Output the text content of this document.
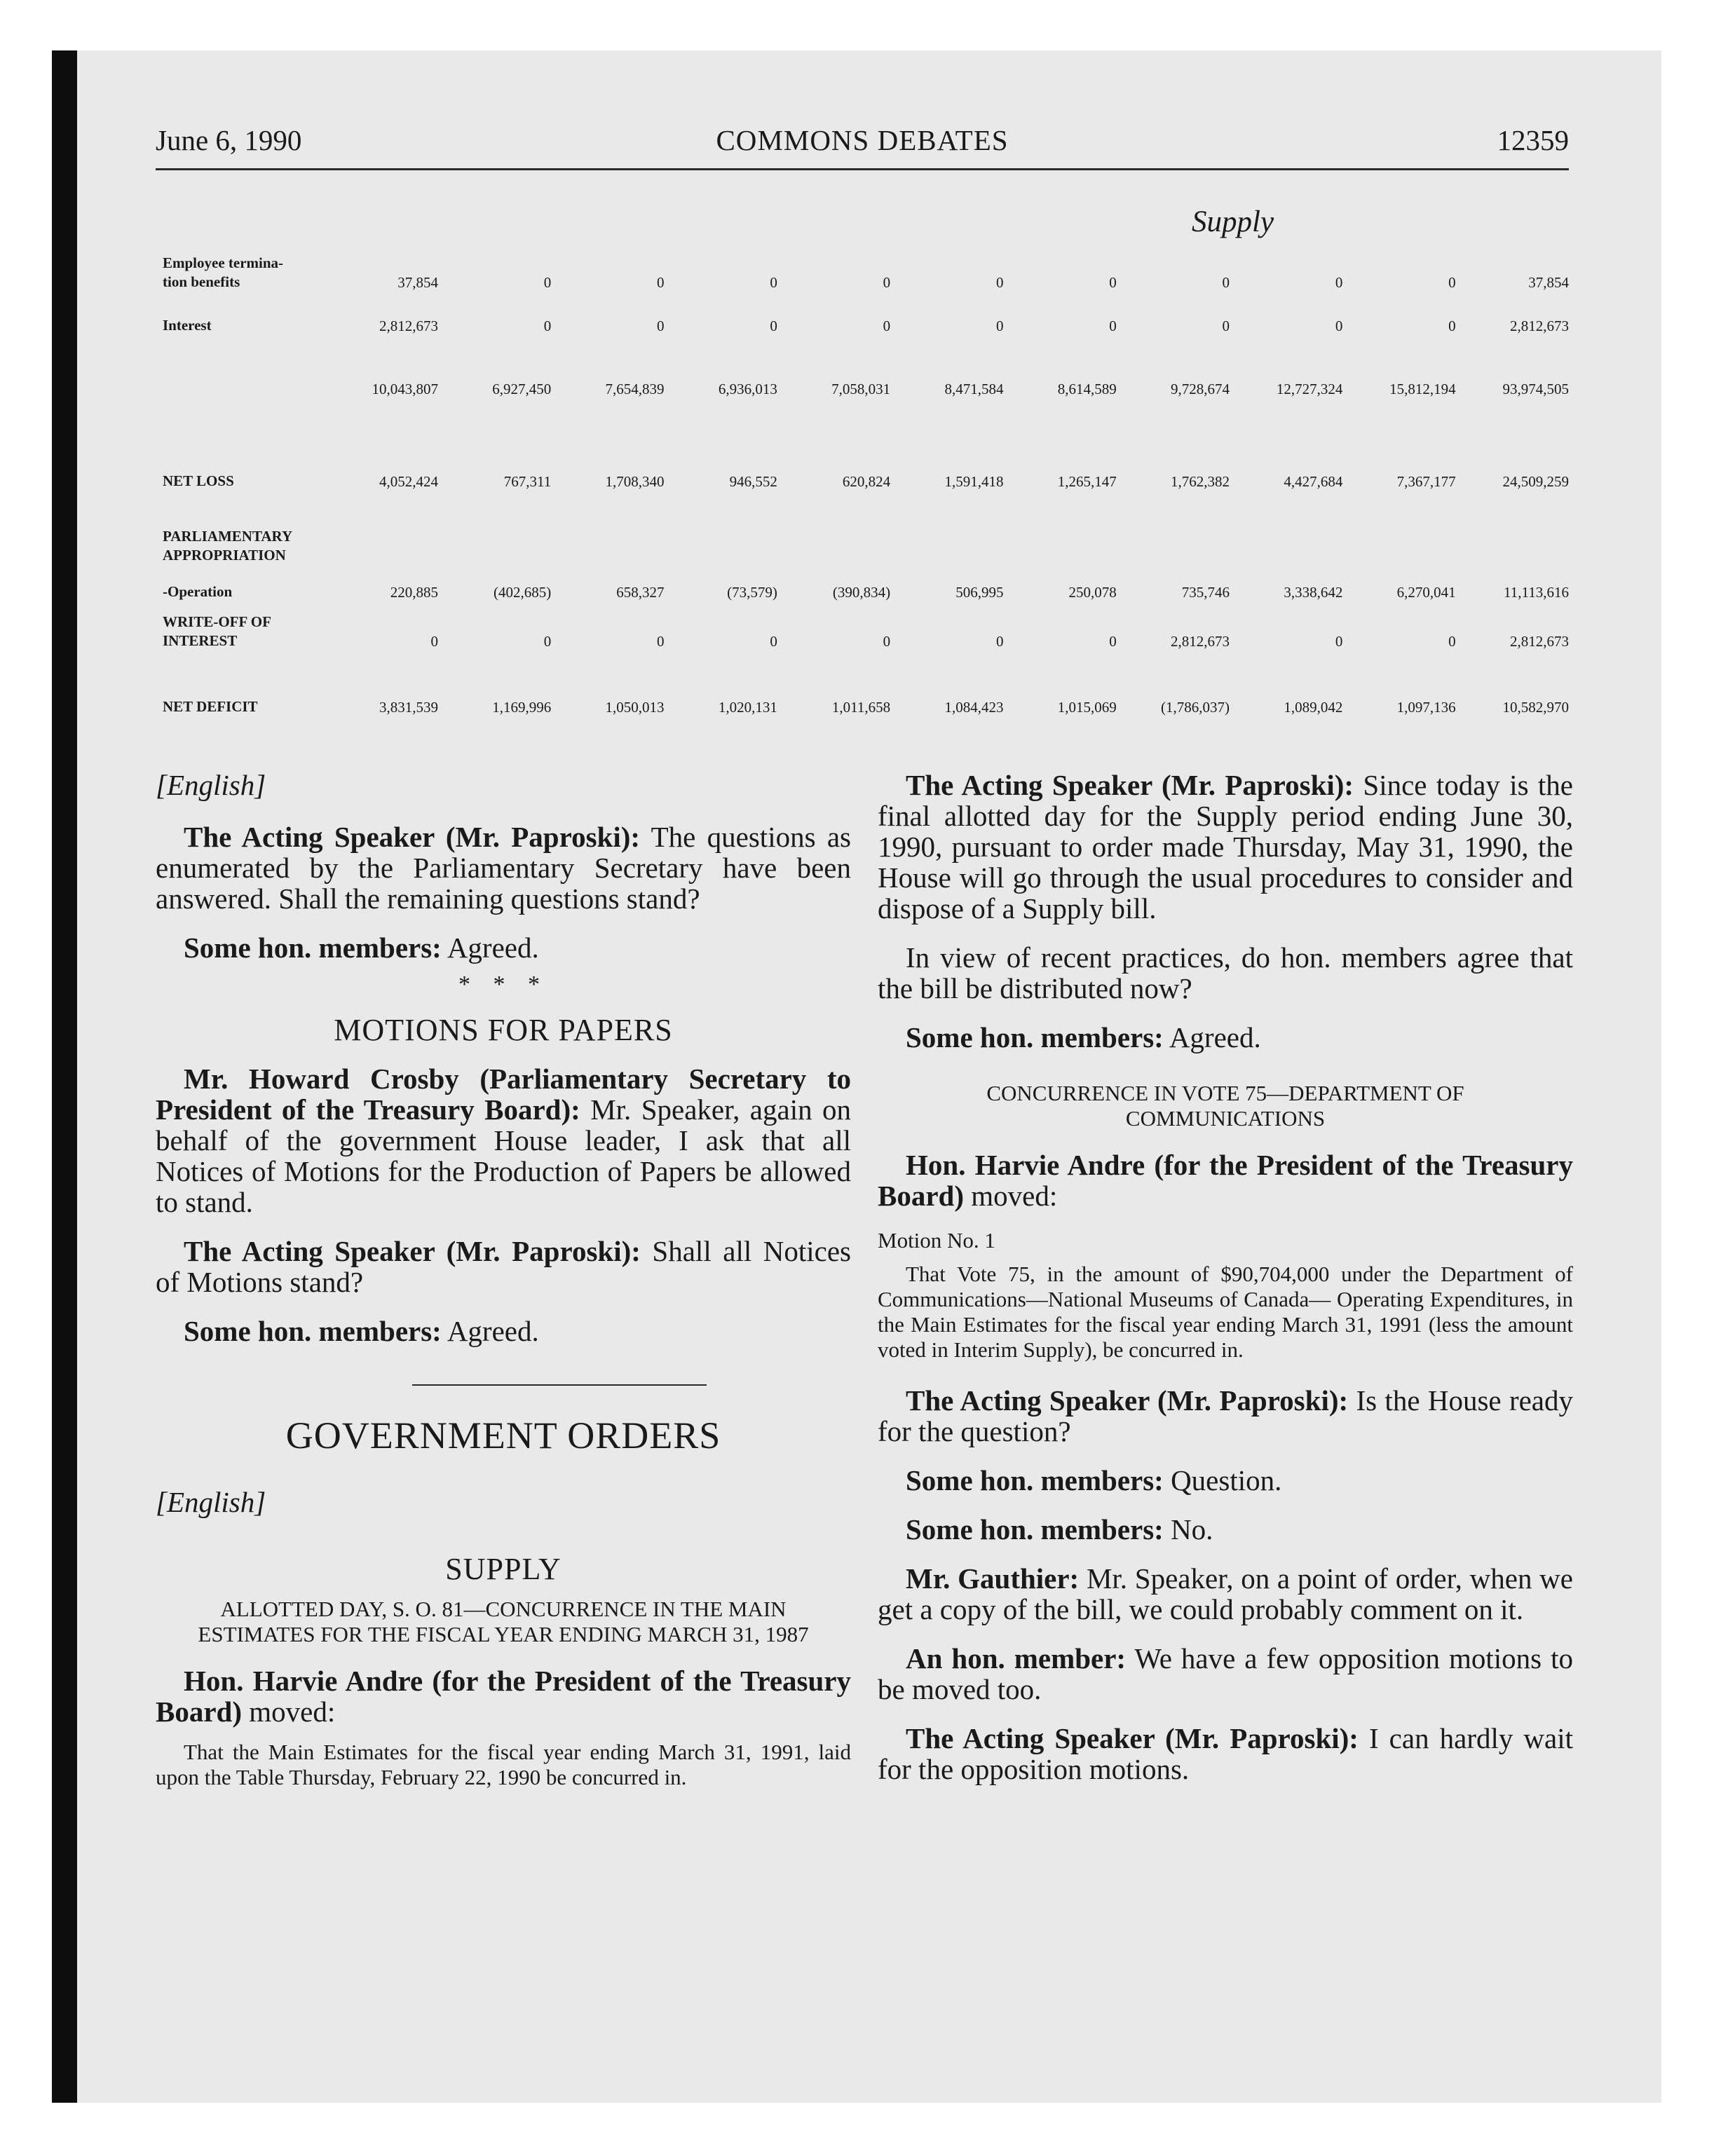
June 6, 1990	COMMONS DEBATES	12359
Supply
Employee termina-
tion benefits	37,854	0	0	0	0	0	0	0	0	0	37,854
Interest	2,812,673	0	0	0	0	0	0	0	0	0	2,812,673
	10,043,807	6,927,450	7,654,839	6,936,013	7,058,031	8,471,584	8,614,589	9,728,674	12,727,324	15,812,194	93,974,505
NET LOSS	4,052,424	767,311	1,708,340	946,552	620,824	1,591,418	1,265,147	1,762,382	4,427,684	7,367,177	24,509,259
PARLIAMENTARY
APPROPRIATION											
-Operation	220,885	(402,685)	658,327	(73,579)	(390,834)	506,995	250,078	735,746	3,338,642	6,270,041	11,113,616
WRITE-OFF OF
INTEREST	0	0	0	0	0	0	0	2,812,673	0	0	2,812,673
NET DEFICIT	3,831,539	1,169,996	1,050,013	1,020,131	1,011,658	1,084,423	1,015,069	(1,786,037)	1,089,042	1,097,136	10,582,970

[English]

The Acting Speaker (Mr. Paproski): The questions as enumerated by the Parliamentary Secretary have been answered. Shall the remaining questions stand?

Some hon. members: Agreed.

* * *

MOTIONS FOR PAPERS

Mr. Howard Crosby (Parliamentary Secretary to President of the Treasury Board): Mr. Speaker, again on behalf of the government House leader, I ask that all Notices of Motions for the Production of Papers be allowed to stand.

The Acting Speaker (Mr. Paproski): Shall all Notices of Motions stand?

Some hon. members: Agreed.

GOVERNMENT ORDERS

[English]

SUPPLY

ALLOTTED DAY, S. O. 81—CONCURRENCE IN THE MAIN ESTIMATES FOR THE FISCAL YEAR ENDING MARCH 31, 1987

Hon. Harvie Andre (for the President of the Treasury Board) moved:

That the Main Estimates for the fiscal year ending March 31, 1991, laid upon the Table Thursday, February 22, 1990 be concurred in.

The Acting Speaker (Mr. Paproski): Since today is the final allotted day for the Supply period ending June 30, 1990, pursuant to order made Thursday, May 31, 1990, the House will go through the usual procedures to consider and dispose of a Supply bill.

In view of recent practices, do hon. members agree that the bill be distributed now?

Some hon. members: Agreed.

CONCURRENCE IN VOTE 75—DEPARTMENT OF COMMUNICATIONS

Hon. Harvie Andre (for the President of the Treasury Board) moved:

Motion No. 1

That Vote 75, in the amount of $90,704,000 under the Department of Communications—National Museums of Canada— Operating Expenditures, in the Main Estimates for the fiscal year ending March 31, 1991 (less the amount voted in Interim Supply), be concurred in.

The Acting Speaker (Mr. Paproski): Is the House ready for the question?

Some hon. members: Question.

Some hon. members: No.

Mr. Gauthier: Mr. Speaker, on a point of order, when we get a copy of the bill, we could probably comment on it.

An hon. member: We have a few opposition motions to be moved too.

The Acting Speaker (Mr. Paproski): I can hardly wait for the opposition motions.
